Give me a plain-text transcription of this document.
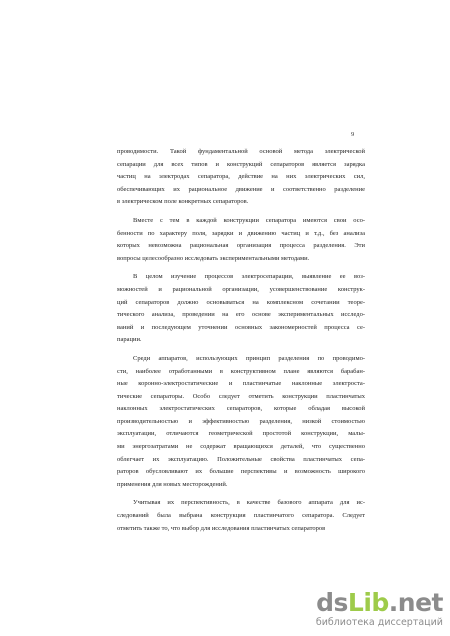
9
проводимости. Такой фундаментальной основой метода электрической
сепарации для всех типов и конструкций сепараторов является зарядка
частиц на электродах сепаратора, действие на них электрических сил,
обеспечивающих их рациональное движение и соответственно разделение
в электрическом поле конкретных сепараторов.
Вместе с тем в каждой конструкции сепаратора имеются свои осо-
бенности по характеру поля, зарядки и движению частиц и т.д., без анализа
которых невозможна рациональная организация процесса разделения. Эти
вопросы целесообразно исследовать экспериментальными методами.
В целом изучение процессов электросепарации, выявление ее воз-
можностей и рациональной организации, усовершенствование конструк-
ций сепараторов должно основываться на комплексном сочетании теоре-
тического анализа, проведении на его основе экспериментальных исследо-
ваний и последующем уточнении основных закономерностей процесса се-
парации.
Среди аппаратов, использующих принцип разделения по проводимо-
сти, наиболее отработанными в конструктивном плане являются барабан-
ные коронно-электростатические и пластинчатые наклонные электроста-
тические сепараторы. Особо следует отметить конструкции пластинчатых
наклонных электростатических сепараторов, которые обладая высокой
производительностью и эффективностью разделения, низкой стоимостью
эксплуатации, отличаются геометрической простотой конструкции, малы-
ми энергозатратами не содержат вращающихся деталей, что существенно
облегчает их эксплуатацию. Положительные свойства пластинчатых сепа-
раторов обусловливают их большие перспективы и возможность широкого
применения для новых месторождений.
Учитывая их перспективность, в качестве базового аппарата для ис-
следований была выбрана конструкция пластинчатого сепаратора. Следует
отметить также то, что выбор для исследования пластинчатых сепараторов
dsLib.net
библиотека диссертаций
